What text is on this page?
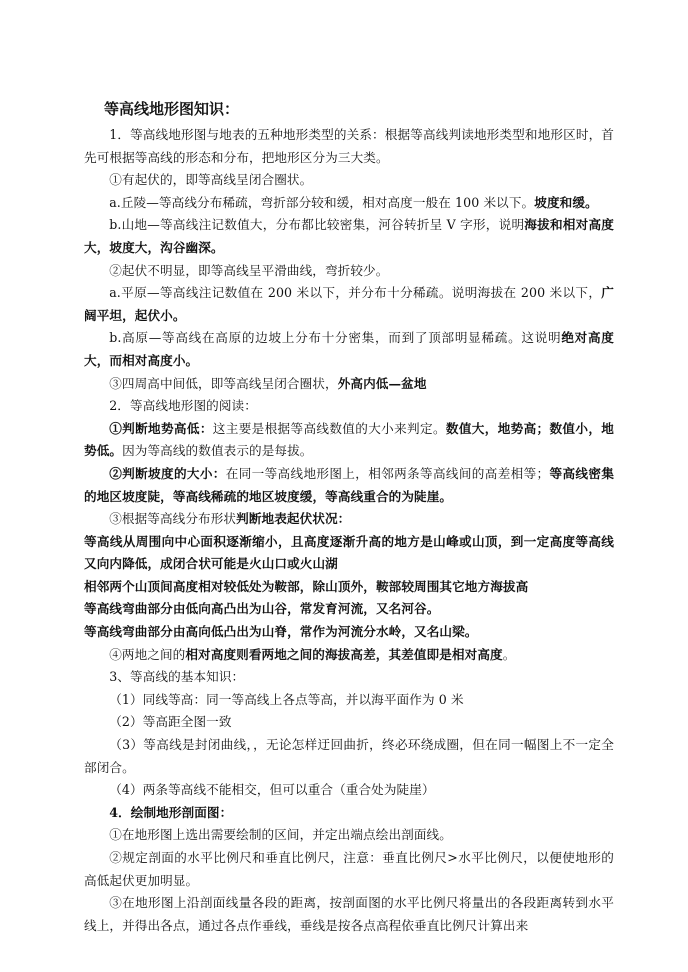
等高线地形图知识：

1．等高线地形图与地表的五种地形类型的关系：根据等高线判读地形类型和地形区时，首先可根据等高线的形态和分布，把地形区分为三大类。

①有起伏的，即等高线呈闭合圈状。

a.丘陵—等高线分布稀疏，弯折部分较和缓，相对高度一般在 100 米以下。坡度和缓。

b.山地—等高线注记数值大，分布都比较密集，河谷转折呈 V 字形，说明海拔和相对高度大，坡度大，沟谷幽深。

②起伏不明显，即等高线呈平滑曲线，弯折较少。

a.平原—等高线注记数值在 200 米以下，并分布十分稀疏。说明海拔在 200 米以下，广阔平坦，起伏小。

b.高原—等高线在高原的边坡上分布十分密集，而到了顶部明显稀疏。这说明绝对高度大，而相对高度小。

③四周高中间低，即等高线呈闭合圈状，外高内低—盆地

2．等高线地形图的阅读：

①判断地势高低：这主要是根据等高线数值的大小来判定。数值大，地势高；数值小，地势低。因为等高线的数值表示的是每拔。

②判断坡度的大小：在同一等高线地形图上，相邻两条等高线间的高差相等；等高线密集的地区坡度陡，等高线稀疏的地区坡度缓，等高线重合的为陡崖。

③根据等高线分布形状判断地表起伏状况：

等高线从周围向中心面积逐渐缩小，且高度逐渐升高的地方是山峰或山顶，到一定高度等高线又向内降低，成闭合状可能是火山口或火山湖

相邻两个山顶间高度相对较低处为鞍部，除山顶外，鞍部较周围其它地方海拔高

等高线弯曲部分由低向高凸出为山谷，常发育河流，又名河谷。

等高线弯曲部分由高向低凸出为山脊，常作为河流分水岭，又名山梁。

④两地之间的相对高度则看两地之间的海拔高差，其差值即是相对高度。

3、等高线的基本知识：

（1）同线等高：同一等高线上各点等高，并以海平面作为 0 米

（2）等高距全图一致

（3）等高线是封闭曲线，，无论怎样迂回曲折，终必环绕成圈，但在同一幅图上不一定全部闭合。

（4）两条等高线不能相交，但可以重合（重合处为陡崖）

4．绘制地形剖面图：

①在地形图上选出需要绘制的区间，并定出端点绘出剖面线。

②规定剖面的水平比例尺和垂直比例尺，注意：垂直比例尺>水平比例尺，以便使地形的高低起伏更加明显。

③在地形图上沿剖面线量各段的距离，按剖面图的水平比例尺将量出的各段距离转到水平线上，并得出各点，通过各点作垂线，垂线是按各点高程依垂直比例尺计算出来
